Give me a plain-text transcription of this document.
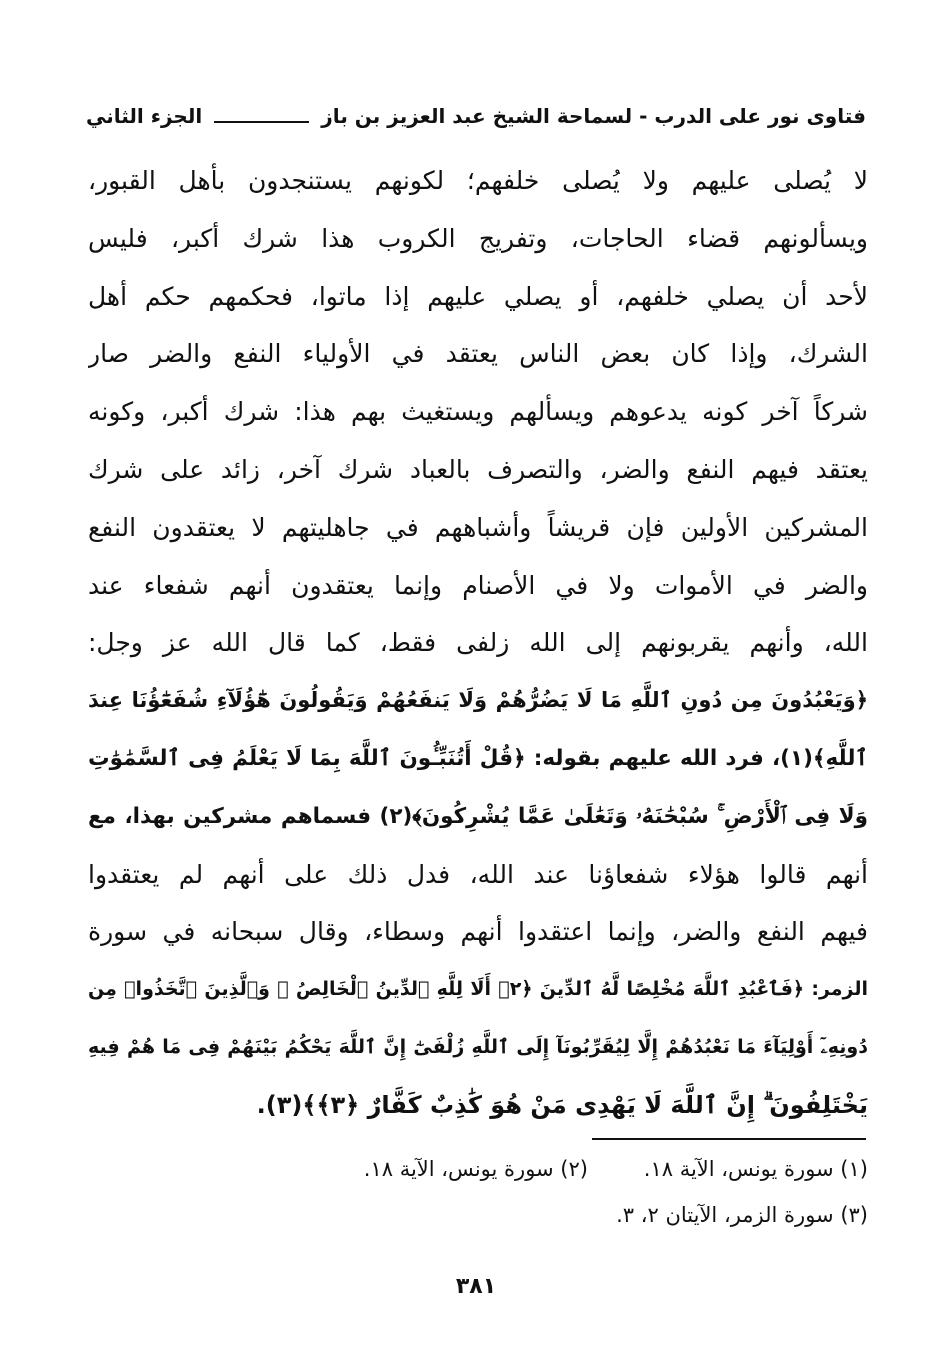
فتاوى نور على الدرب - لسماحة الشيخ عبد العزيز بن باز
الجزء الثاني
لا يُصلى عليهم ولا يُصلى خلفهم؛ لكونهم يستنجدون بأهل القبور،
ويسألونهم قضاء الحاجات، وتفريج الكروب هذا شرك أكبر، فليس
لأحد أن يصلي خلفهم، أو يصلي عليهم إذا ماتوا، فحكمهم حكم أهل
الشرك، وإذا كان بعض الناس يعتقد في الأولياء النفع والضر صار
شركاً آخر كونه يدعوهم ويسألهم ويستغيث بهم هذا: شرك أكبر، وكونه
يعتقد فيهم النفع والضر، والتصرف بالعباد شرك آخر، زائد على شرك
المشركين الأولين فإن قريشاً وأشباههم في جاهليتهم لا يعتقدون النفع
والضر في الأموات ولا في الأصنام وإنما يعتقدون أنهم شفعاء عند
الله، وأنهم يقربونهم إلى الله زلفى فقط، كما قال الله عز وجل:
﴿وَيَعْبُدُونَ مِن دُونِ ٱللَّهِ مَا لَا يَضُرُّهُمْ وَلَا يَنفَعُهُمْ وَيَقُولُونَ هَٰٓؤُلَآءِ شُفَعَٰٓؤُنَا عِندَ
ٱللَّهِ﴾(١)، فرد الله عليهم بقوله: ﴿قُلْ أَتُنَبِّـُٔونَ ٱللَّهَ بِمَا لَا يَعْلَمُ فِى ٱلسَّمَٰوَٰتِ
وَلَا فِى ٱلْأَرْضِ ۚ سُبْحَٰنَهُۥ وَتَعَٰلَىٰ عَمَّا يُشْرِكُونَ﴾(٢) فسماهم مشركين بهذا، مع
أنهم قالوا هؤلاء شفعاؤنا عند الله، فدل ذلك على أنهم لم يعتقدوا
فيهم النفع والضر، وإنما اعتقدوا أنهم وسطاء، وقال سبحانه في سورة
الزمر: ﴿فَٱعْبُدِ ٱللَّهَ مُخْلِصًا لَّهُ ٱلدِّينَ ﴿٢﴾ أَلَا لِلَّهِ ٱلدِّينُ ٱلْخَالِصُ ۚ وَٱلَّذِينَ ٱتَّخَذُوا۟ مِن
دُونِهِۦٓ أَوْلِيَآءَ مَا نَعْبُدُهُمْ إِلَّا لِيُقَرِّبُونَآ إِلَى ٱللَّهِ زُلْفَىٰٓ إِنَّ ٱللَّهَ يَحْكُمُ بَيْنَهُمْ فِى مَا هُمْ فِيهِ
يَخْتَلِفُونَ ۗ إِنَّ ٱللَّهَ لَا يَهْدِى مَنْ هُوَ كَٰذِبٌ كَفَّارٌ ﴿٣﴾﴾(٣).
(١) سورة يونس، الآية ١٨.
(٢) سورة يونس، الآية ١٨.
(٣) سورة الزمر، الآيتان ٢، ٣.
٣٨١
